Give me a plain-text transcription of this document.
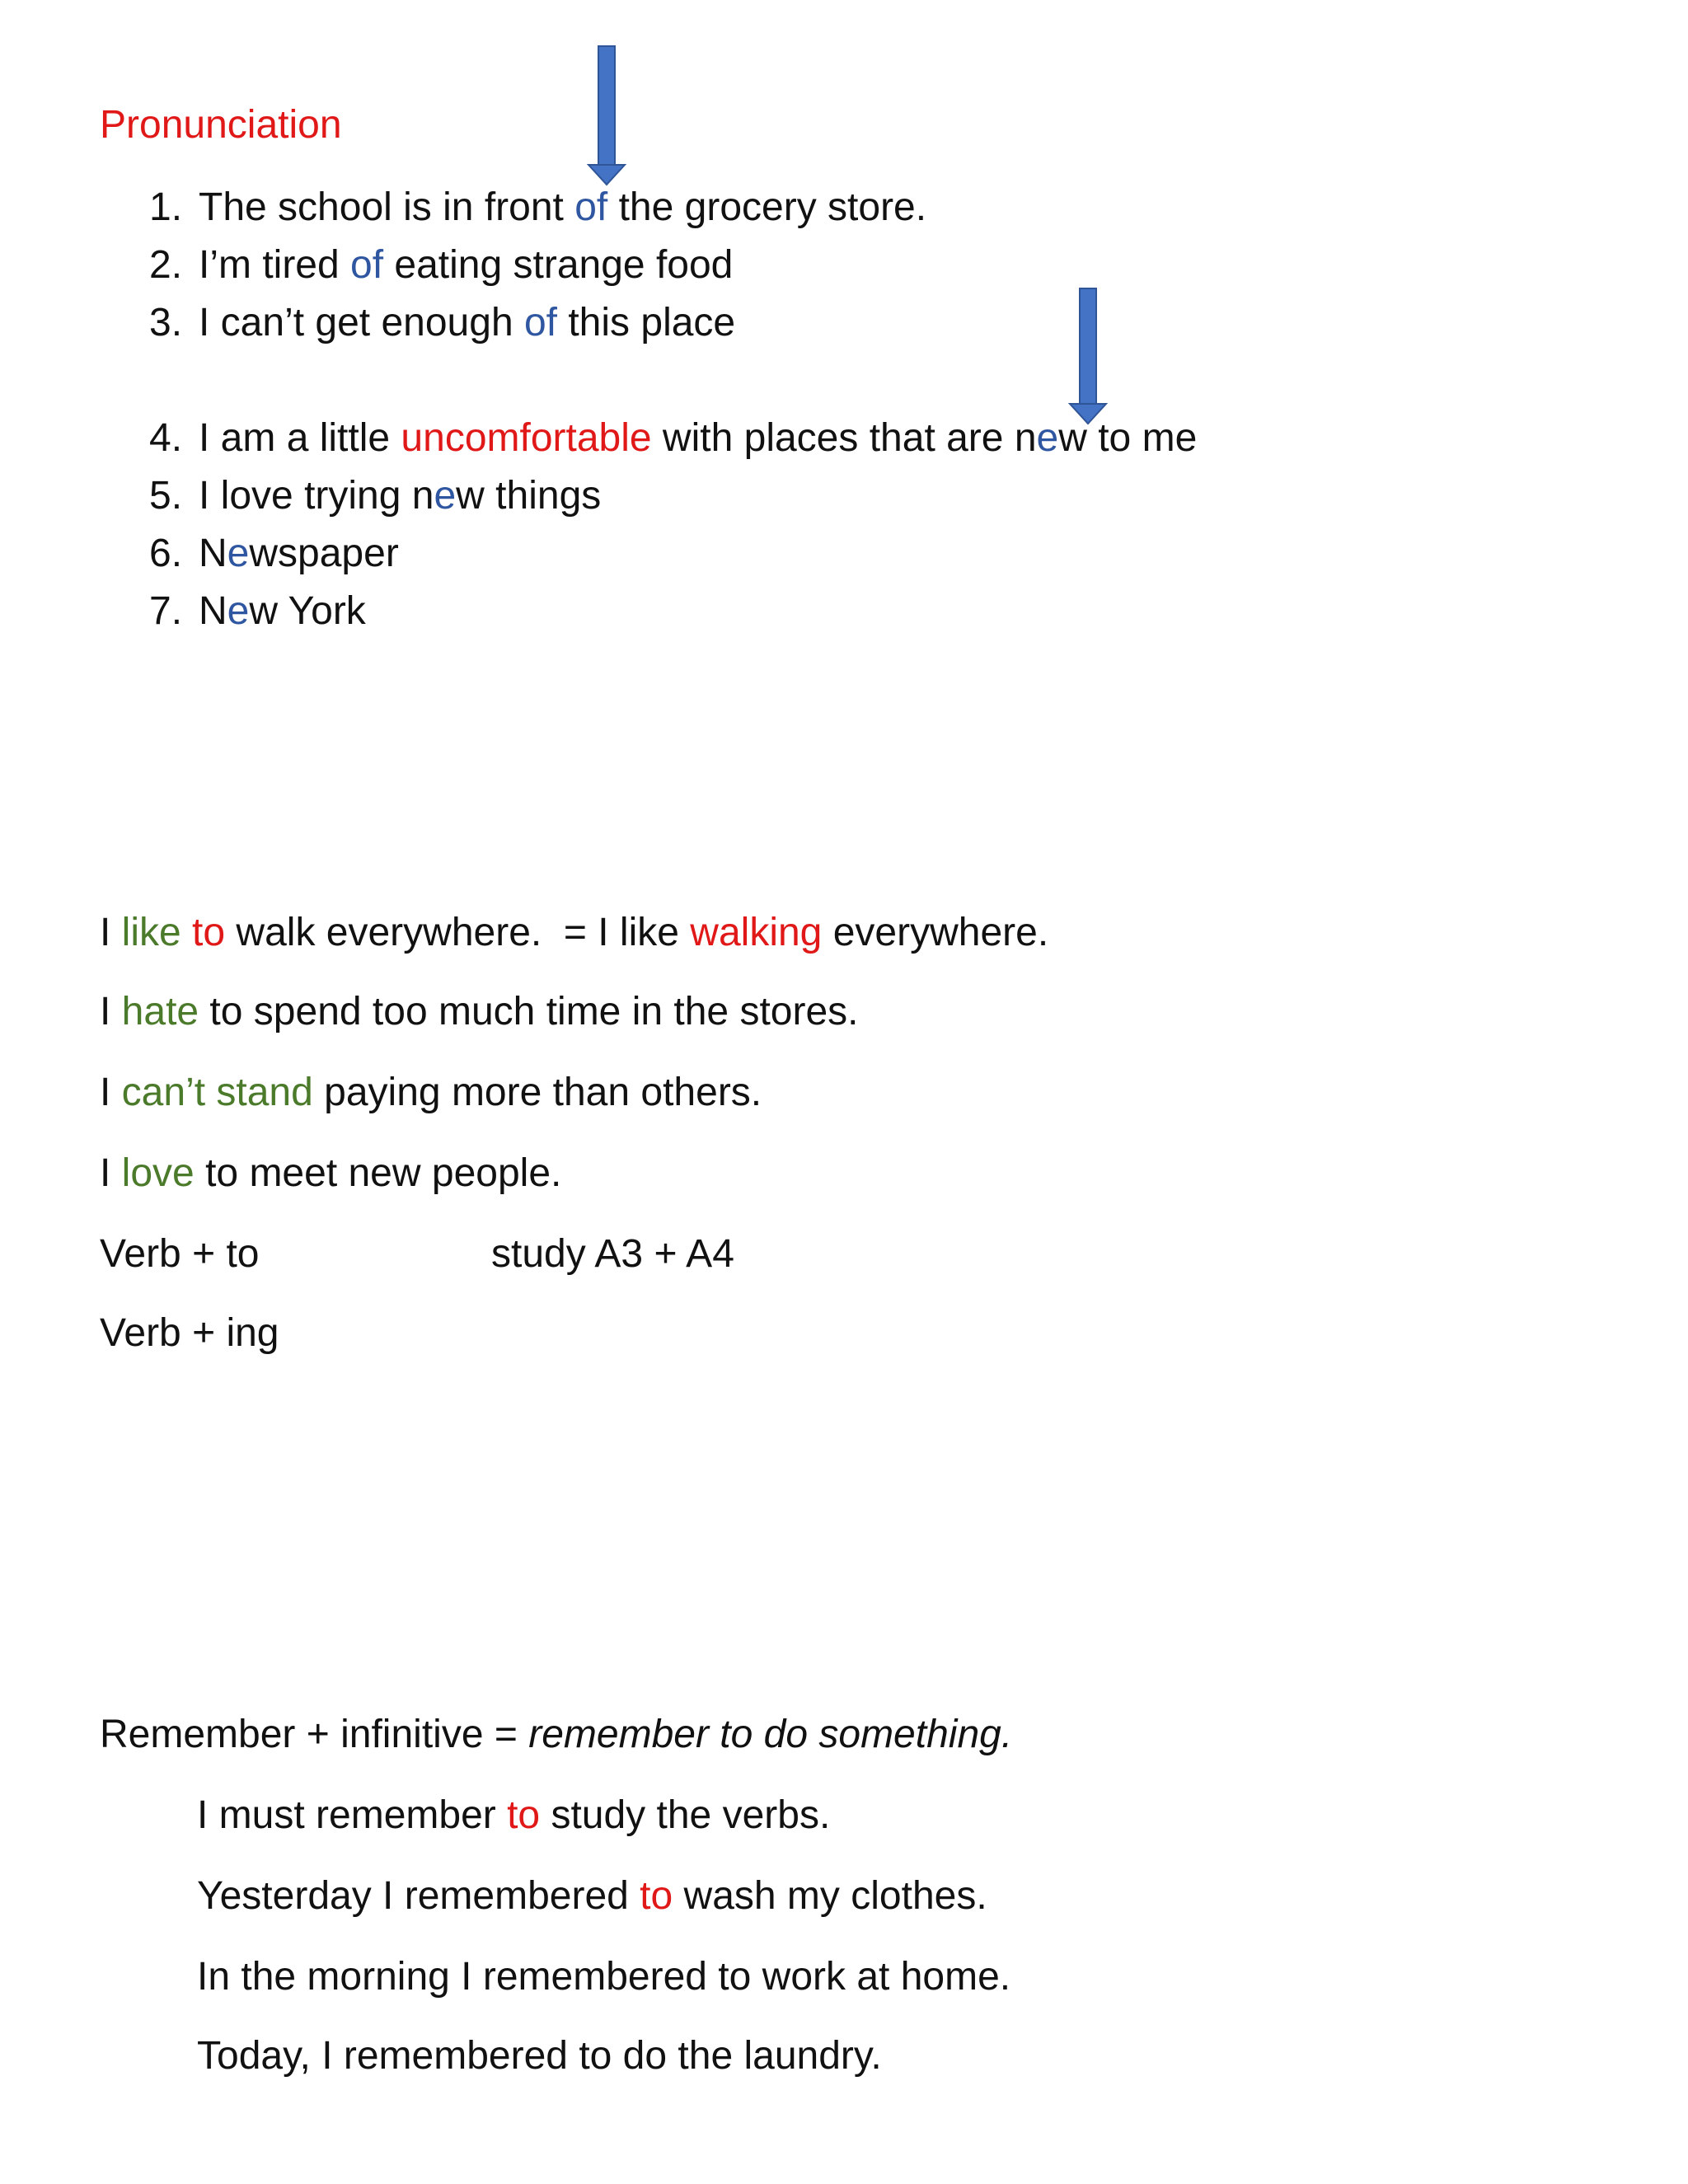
Pronunciation
1. The school is in front of the grocery store.
2. I’m tired of eating strange food
3. I can’t get enough of this place
4. I am a little uncomfortable with places that are new to me
5. I love trying new things
6. Newspaper
7. New York
I like to walk everywhere.  = I like walking everywhere.
I hate to spend too much time in the stores.
I can’t stand paying more than others.
I love to meet new people.
Verb + to	study A3 + A4
Verb + ing
Remember + infinitive = remember to do something.
I must remember to study the verbs.
Yesterday I remembered to wash my clothes.
In the morning I remembered to work at home.
Today, I remembered to do the laundry.
